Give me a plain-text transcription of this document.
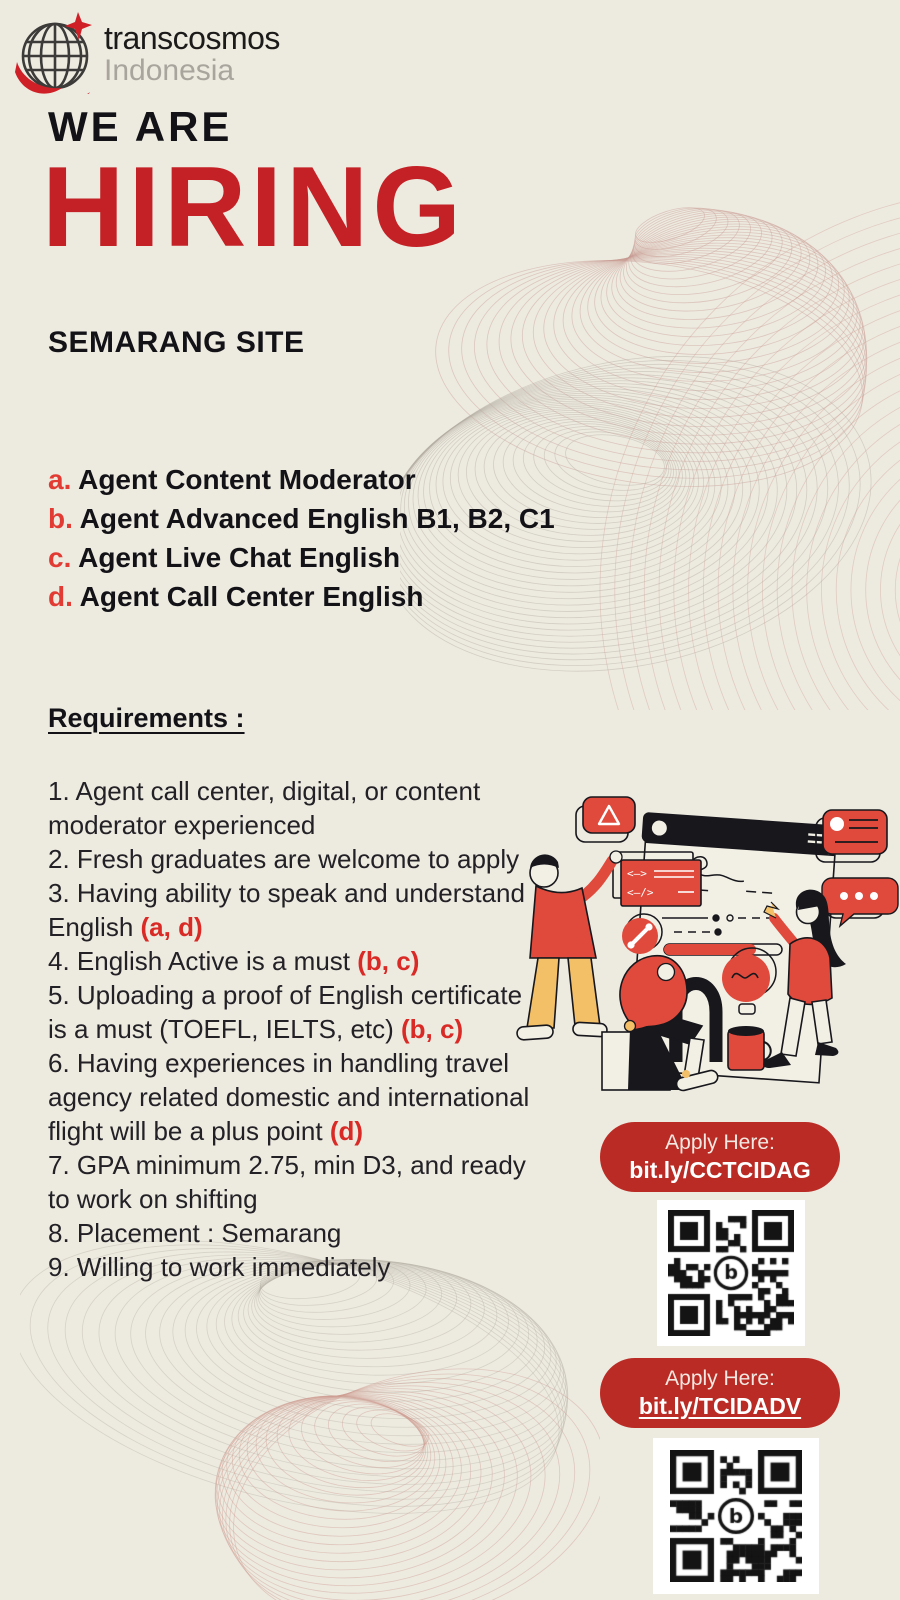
transcosmos
Indonesia
WE ARE
HIRING
SEMARANG SITE
a. Agent Content Moderator
b. Agent Advanced English B1, B2, C1
c. Agent Live Chat English
d. Agent Call Center English
Requirements :
1. Agent call center, digital, or content moderator experienced
2. Fresh graduates are welcome to apply
3. Having ability to speak and understand English (a, d)
4. English Active is a must (b, c)
5. Uploading a proof of English certificate is a must (TOEFL, IELTS, etc) (b, c)
6. Having experiences in handling travel agency related domestic and international flight will be a plus point (d)
7. GPA minimum 2.75, min D3, and ready to work on shifting
8. Placement : Semarang
9. Willing to work immediately
<—>
<—/>
Apply Here:
bit.ly/CCTCIDAG
Apply Here:
bit.ly/TCIDADV
